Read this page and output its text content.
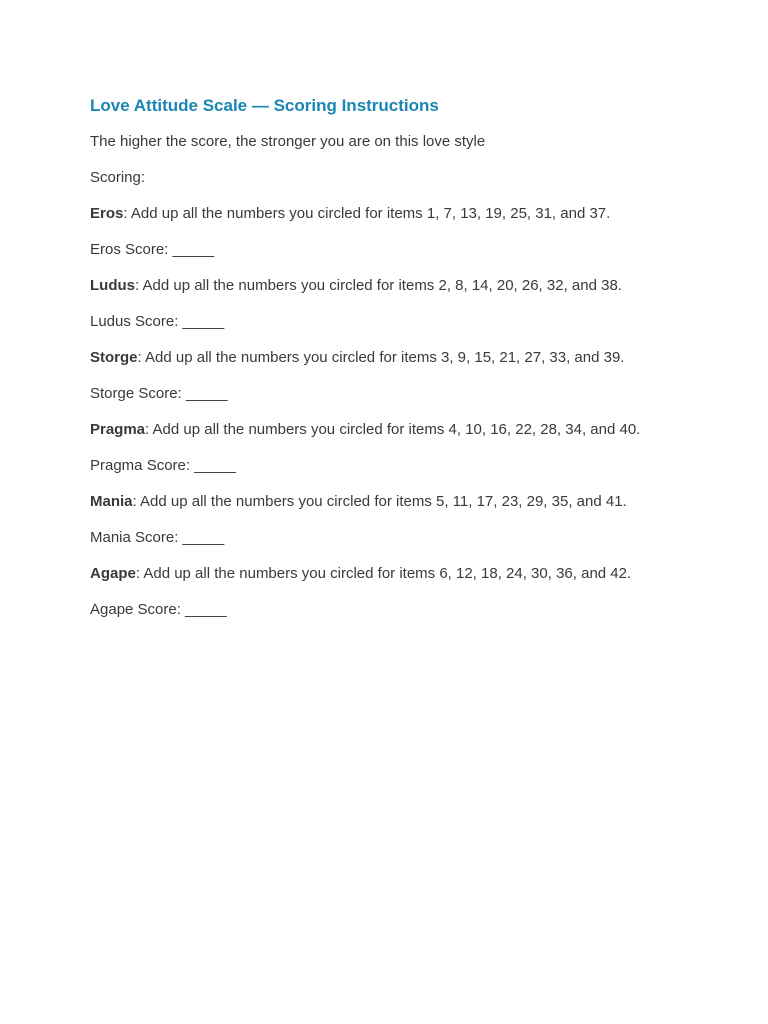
Love Attitude Scale — Scoring Instructions

The higher the score, the stronger you are on this love style

Scoring:

Eros: Add up all the numbers you circled for items 1, 7, 13, 19, 25, 31, and 37.

Eros Score: _____

Ludus: Add up all the numbers you circled for items 2, 8, 14, 20, 26, 32, and 38.

Ludus Score: _____

Storge: Add up all the numbers you circled for items 3, 9, 15, 21, 27, 33, and 39.

Storge Score: _____

Pragma: Add up all the numbers you circled for items 4, 10, 16, 22, 28, 34, and 40.

Pragma Score: _____

Mania: Add up all the numbers you circled for items 5, 11, 17, 23, 29, 35, and 41.

Mania Score: _____

Agape: Add up all the numbers you circled for items 6, 12, 18, 24, 30, 36, and 42.

Agape Score: _____
